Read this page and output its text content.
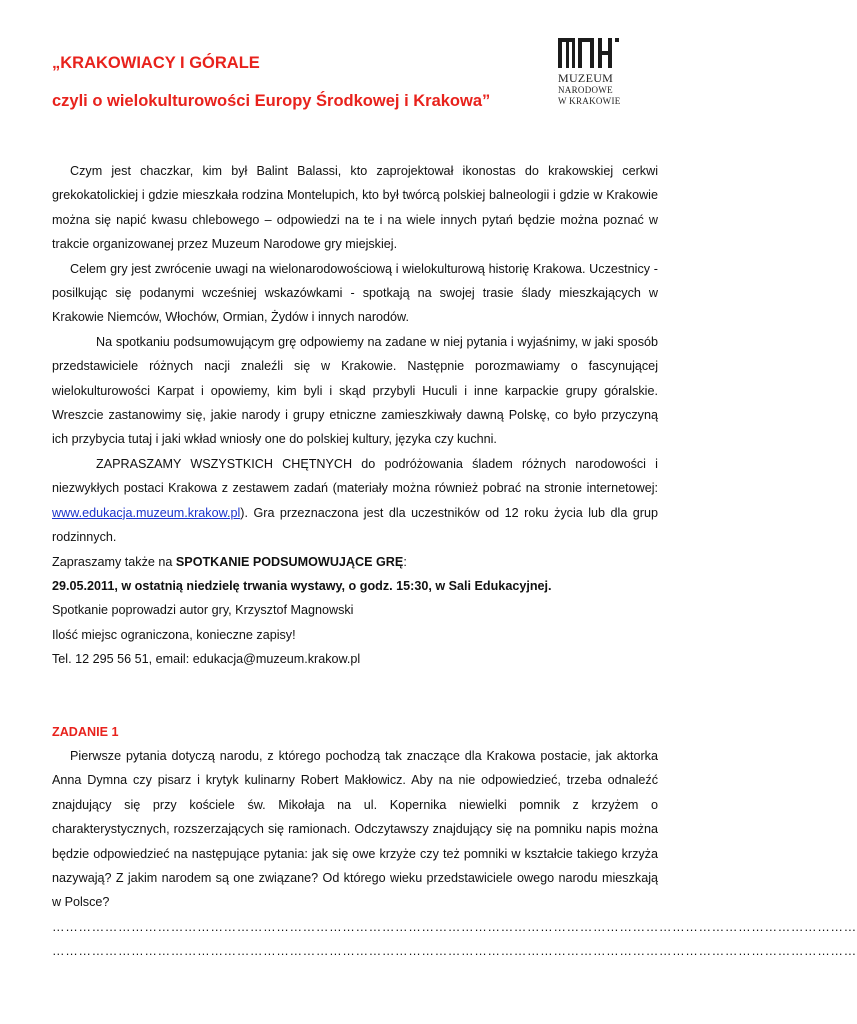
„KRAKOWIACY I GÓRALE
czyli o wielokulturowości Europy Środkowej i Krakowa”
MUZEUM
NARODOWE
W KRAKOWIE

Czym jest chaczkar, kim był Balint Balassi, kto zaprojektował ikonostas do krakowskiej cerkwi grekokatolickiej i gdzie mieszkała rodzina Montelupich, kto był twórcą polskiej balneologii i gdzie w Krakowie można się napić kwasu chlebowego – odpowiedzi na te i na wiele innych pytań będzie można poznać w trakcie organizowanej przez Muzeum Narodowe gry miejskiej.

Celem gry jest zwrócenie uwagi na wielonarodowościową i wielokulturową historię Krakowa. Uczestnicy - posilkując się podanymi wcześniej wskazówkami - spotkają na swojej trasie ślady mieszkających w Krakowie Niemców, Włochów, Ormian, Żydów i innych narodów.

Na spotkaniu podsumowującym grę odpowiemy na zadane w niej pytania i wyjaśnimy, w jaki sposób przedstawiciele różnych nacji znaleźli się w Krakowie. Następnie porozmawiamy o fascynującej wielokulturowości Karpat i opowiemy, kim byli i skąd przybyli Huculi i inne karpackie grupy góralskie. Wreszcie zastanowimy się, jakie narody i grupy etniczne zamieszkiwały dawną Polskę, co było przyczyną ich przybycia tutaj i jaki wkład wniosły one do polskiej kultury, języka czy kuchni.

ZAPRASZAMY WSZYSTKICH CHĘTNYCH do podróżowania śladem różnych narodowości i niezwykłych postaci Krakowa z zestawem zadań (materiały można również pobrać na stronie internetowej: www.edukacja.muzeum.krakow.pl). Gra przeznaczona jest dla uczestników od 12 roku życia lub dla grup rodzinnych.

Zapraszamy także na SPOTKANIE PODSUMOWUJĄCE GRĘ:

29.05.2011, w ostatnią niedzielę trwania wystawy, o godz. 15:30, w Sali Edukacyjnej.

Spotkanie poprowadzi autor gry, Krzysztof Magnowski

Ilość miejsc ograniczona, konieczne zapisy!

Tel. 12 295 56 51, email: edukacja@muzeum.krakow.pl

ZADANIE 1

Pierwsze pytania dotyczą narodu, z którego pochodzą tak znaczące dla Krakowa postacie, jak aktorka Anna Dymna czy pisarz i krytyk kulinarny Robert Makłowicz. Aby na nie odpowiedzieć, trzeba odnaleźć znajdujący się przy kościele św. Mikołaja na ul. Kopernika niewielki pomnik z krzyżem o charakterystycznych, rozszerzających się ramionach. Odczytawszy znajdujący się na pomniku napis można będzie odpowiedzieć na następujące pytania: jak się owe krzyże czy też pomniki w kształcie takiego krzyża nazywają? Z jakim narodem są one związane? Od którego wieku przedstawiciele owego narodu mieszkają w Polsce?

…………………………………………………………………………………………………………………………………………………………………
…………………………………………………………………………………………………………………………………………………………………
